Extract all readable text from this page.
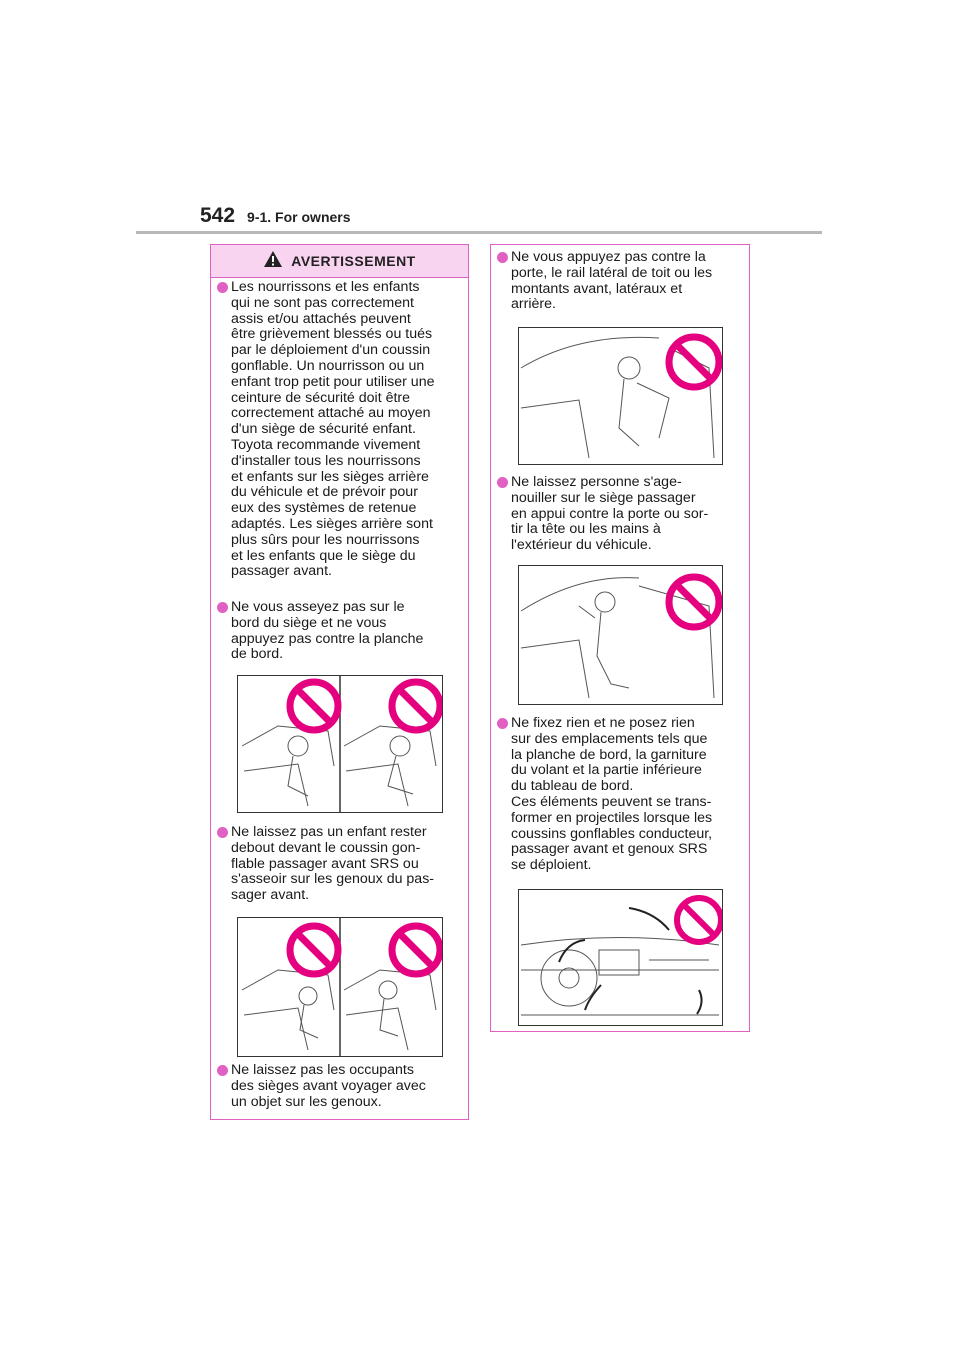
542 9-1. For owners
AVERTISSEMENT
Les nourrissons et les enfants
qui ne sont pas correctement
assis et/ou attachés peuvent
être grièvement blessés ou tués
par le déploiement d'un coussin
gonflable. Un nourrisson ou un
enfant trop petit pour utiliser une
ceinture de sécurité doit être
correctement attaché au moyen
d'un siège de sécurité enfant.
Toyota recommande vivement
d'installer tous les nourrissons
et enfants sur les sièges arrière
du véhicule et de prévoir pour
eux des systèmes de retenue
adaptés. Les sièges arrière sont
plus sûrs pour les nourrissons
et les enfants que le siège du
passager avant.
Ne vous asseyez pas sur le
bord du siège et ne vous
appuyez pas contre la planche
de bord.
Ne laissez pas un enfant rester
debout devant le coussin gon-
flable passager avant SRS ou
s'asseoir sur les genoux du pas-
sager avant.
Ne laissez pas les occupants
des sièges avant voyager avec
un objet sur les genoux.
Ne vous appuyez pas contre la
porte, le rail latéral de toit ou les
montants avant, latéraux et
arrière.
Ne laissez personne s'age-
nouiller sur le siège passager
en appui contre la porte ou sor-
tir la tête ou les mains à
l'extérieur du véhicule.
Ne fixez rien et ne posez rien
sur des emplacements tels que
la planche de bord, la garniture
du volant et la partie inférieure
du tableau de bord.
Ces éléments peuvent se trans-
former en projectiles lorsque les
coussins gonflables conducteur,
passager avant et genoux SRS
se déploient.
